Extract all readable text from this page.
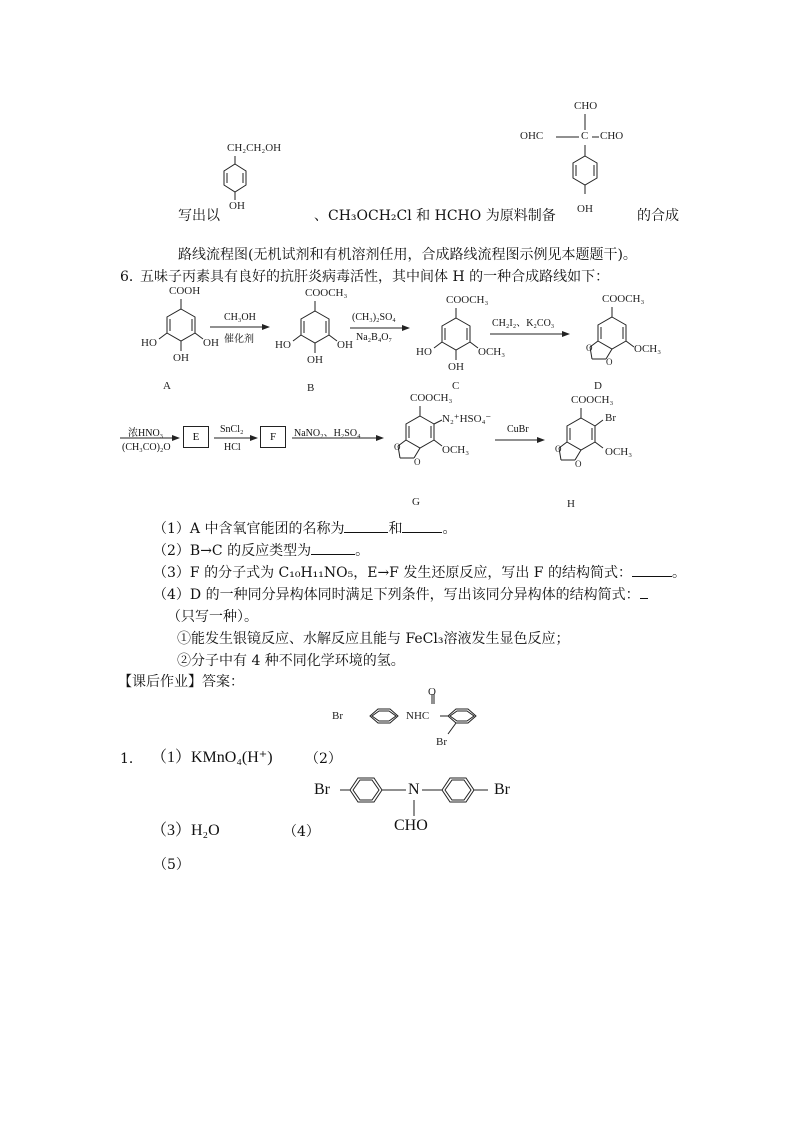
CH₂CH₂OH
OH
CHO
OHC	C CHO
OH
写出以	、CH₃OCH₂Cl 和 HCHO 为原料制备	的合成
路线流程图(无机试剂和有机溶剂任用，合成路线流程图示例见本题题干)。
6．
五味子丙素具有良好的抗肝炎病毒活性，其中间体 H 的一种合成路线如下：
COOH
HO	OH
OH
A
CH₃OH
催化剂
COOCH₃
HO	OH
OH
B
(CH₃)₂SO₄
Na₂B₄O₇
COOCH₃
HO	OCH₃
OH
C
CH₂I₂、K₂CO₃
COOCH₃
O
O
OCH₃
D
浓HNO₃
(CH₃CO)₂O
E
SnCl₂
HCl
F	NaNO₂、H₂SO₄
COOCH₃
O
O
N₂⁺HSO₄⁻
OCH₃
G
CuBr
COOCH₃
O
O
Br
OCH₃
H
（1）A 中含氧官能团的名称为	和	。
（2）B→C 的反应类型为	。
（3）F 的分子式为 C₁₀H₁₁NO₅，E→F 发生还原反应，写出 F 的结构简式：	。
（4）D 的一种同分异构体同时满足下列条件，写出该同分异构体的结构简式：
（只写一种）。
①能发生银镜反应、水解反应且能与 FeCl₃溶液发生显色反应；
②分子中有 4 种不同化学环境的氢。
【课后作业】答案：
Br
O
NHC
Br
1． （1）KMnO₄(H⁺) （2）
Br	N	Br
CHO
（3）H₂O	（4）
（5）
